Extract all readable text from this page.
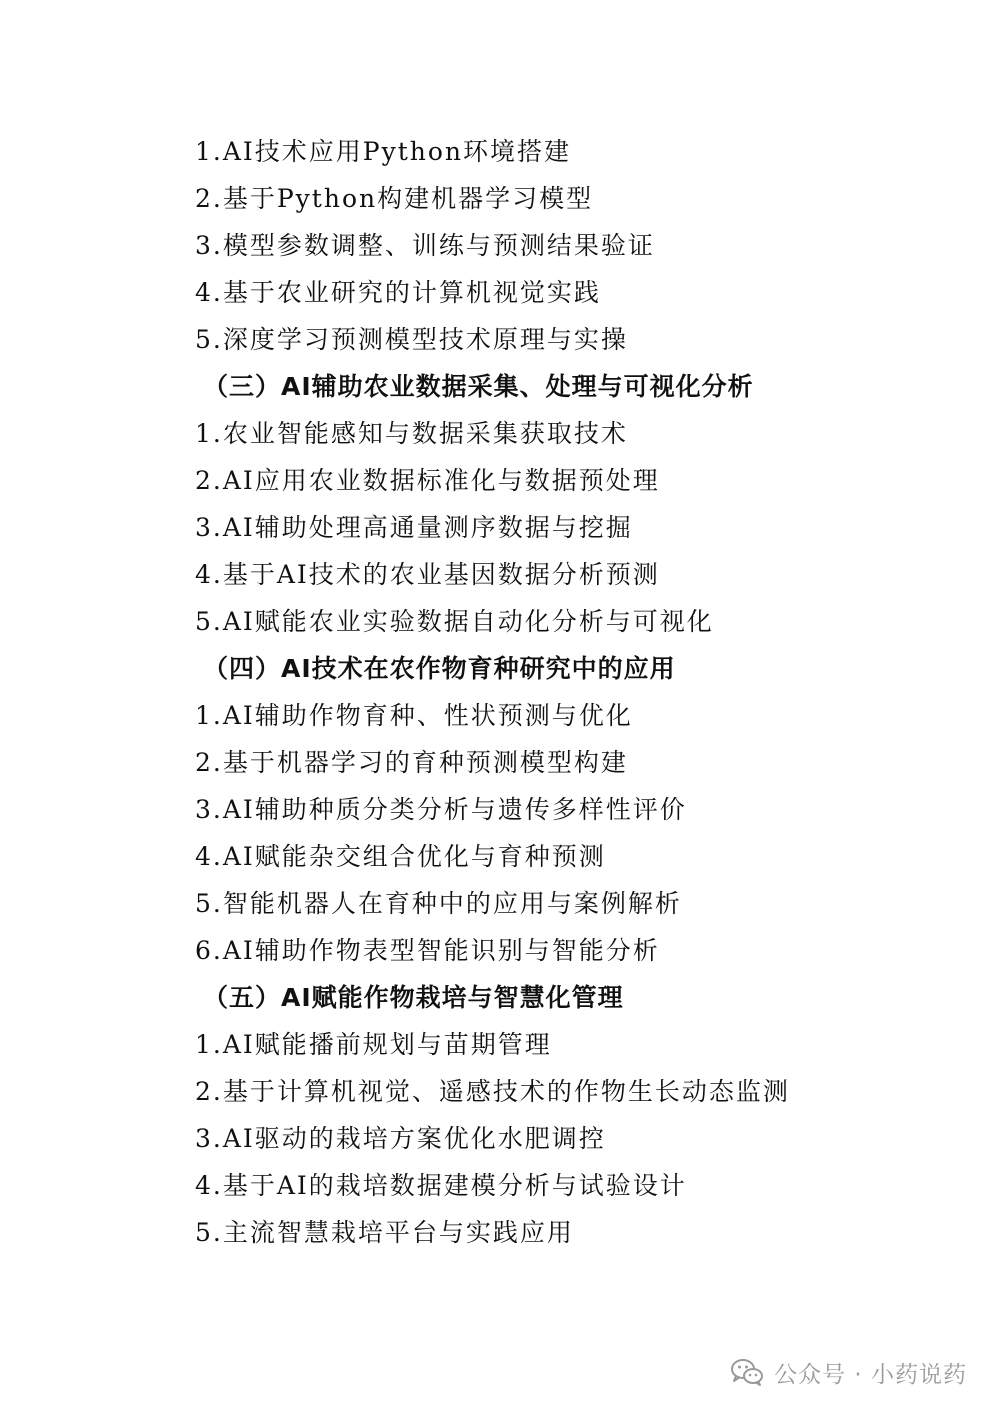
1.AI技术应用Python环境搭建
2.基于Python构建机器学习模型
3.模型参数调整、训练与预测结果验证
4.基于农业研究的计算机视觉实践
5.深度学习预测模型技术原理与实操
（三）AI辅助农业数据采集、处理与可视化分析
1.农业智能感知与数据采集获取技术
2.AI应用农业数据标准化与数据预处理
3.AI辅助处理高通量测序数据与挖掘
4.基于AI技术的农业基因数据分析预测
5.AI赋能农业实验数据自动化分析与可视化
（四）AI技术在农作物育种研究中的应用
1.AI辅助作物育种、性状预测与优化
2.基于机器学习的育种预测模型构建
3.AI辅助种质分类分析与遗传多样性评价
4.AI赋能杂交组合优化与育种预测
5.智能机器人在育种中的应用与案例解析
6.AI辅助作物表型智能识别与智能分析
（五）AI赋能作物栽培与智慧化管理
1.AI赋能播前规划与苗期管理
2.基于计算机视觉、遥感技术的作物生长动态监测
3.AI驱动的栽培方案优化水肥调控
4.基于AI的栽培数据建模分析与试验设计
5.主流智慧栽培平台与实践应用
公众号 · 小药说药
